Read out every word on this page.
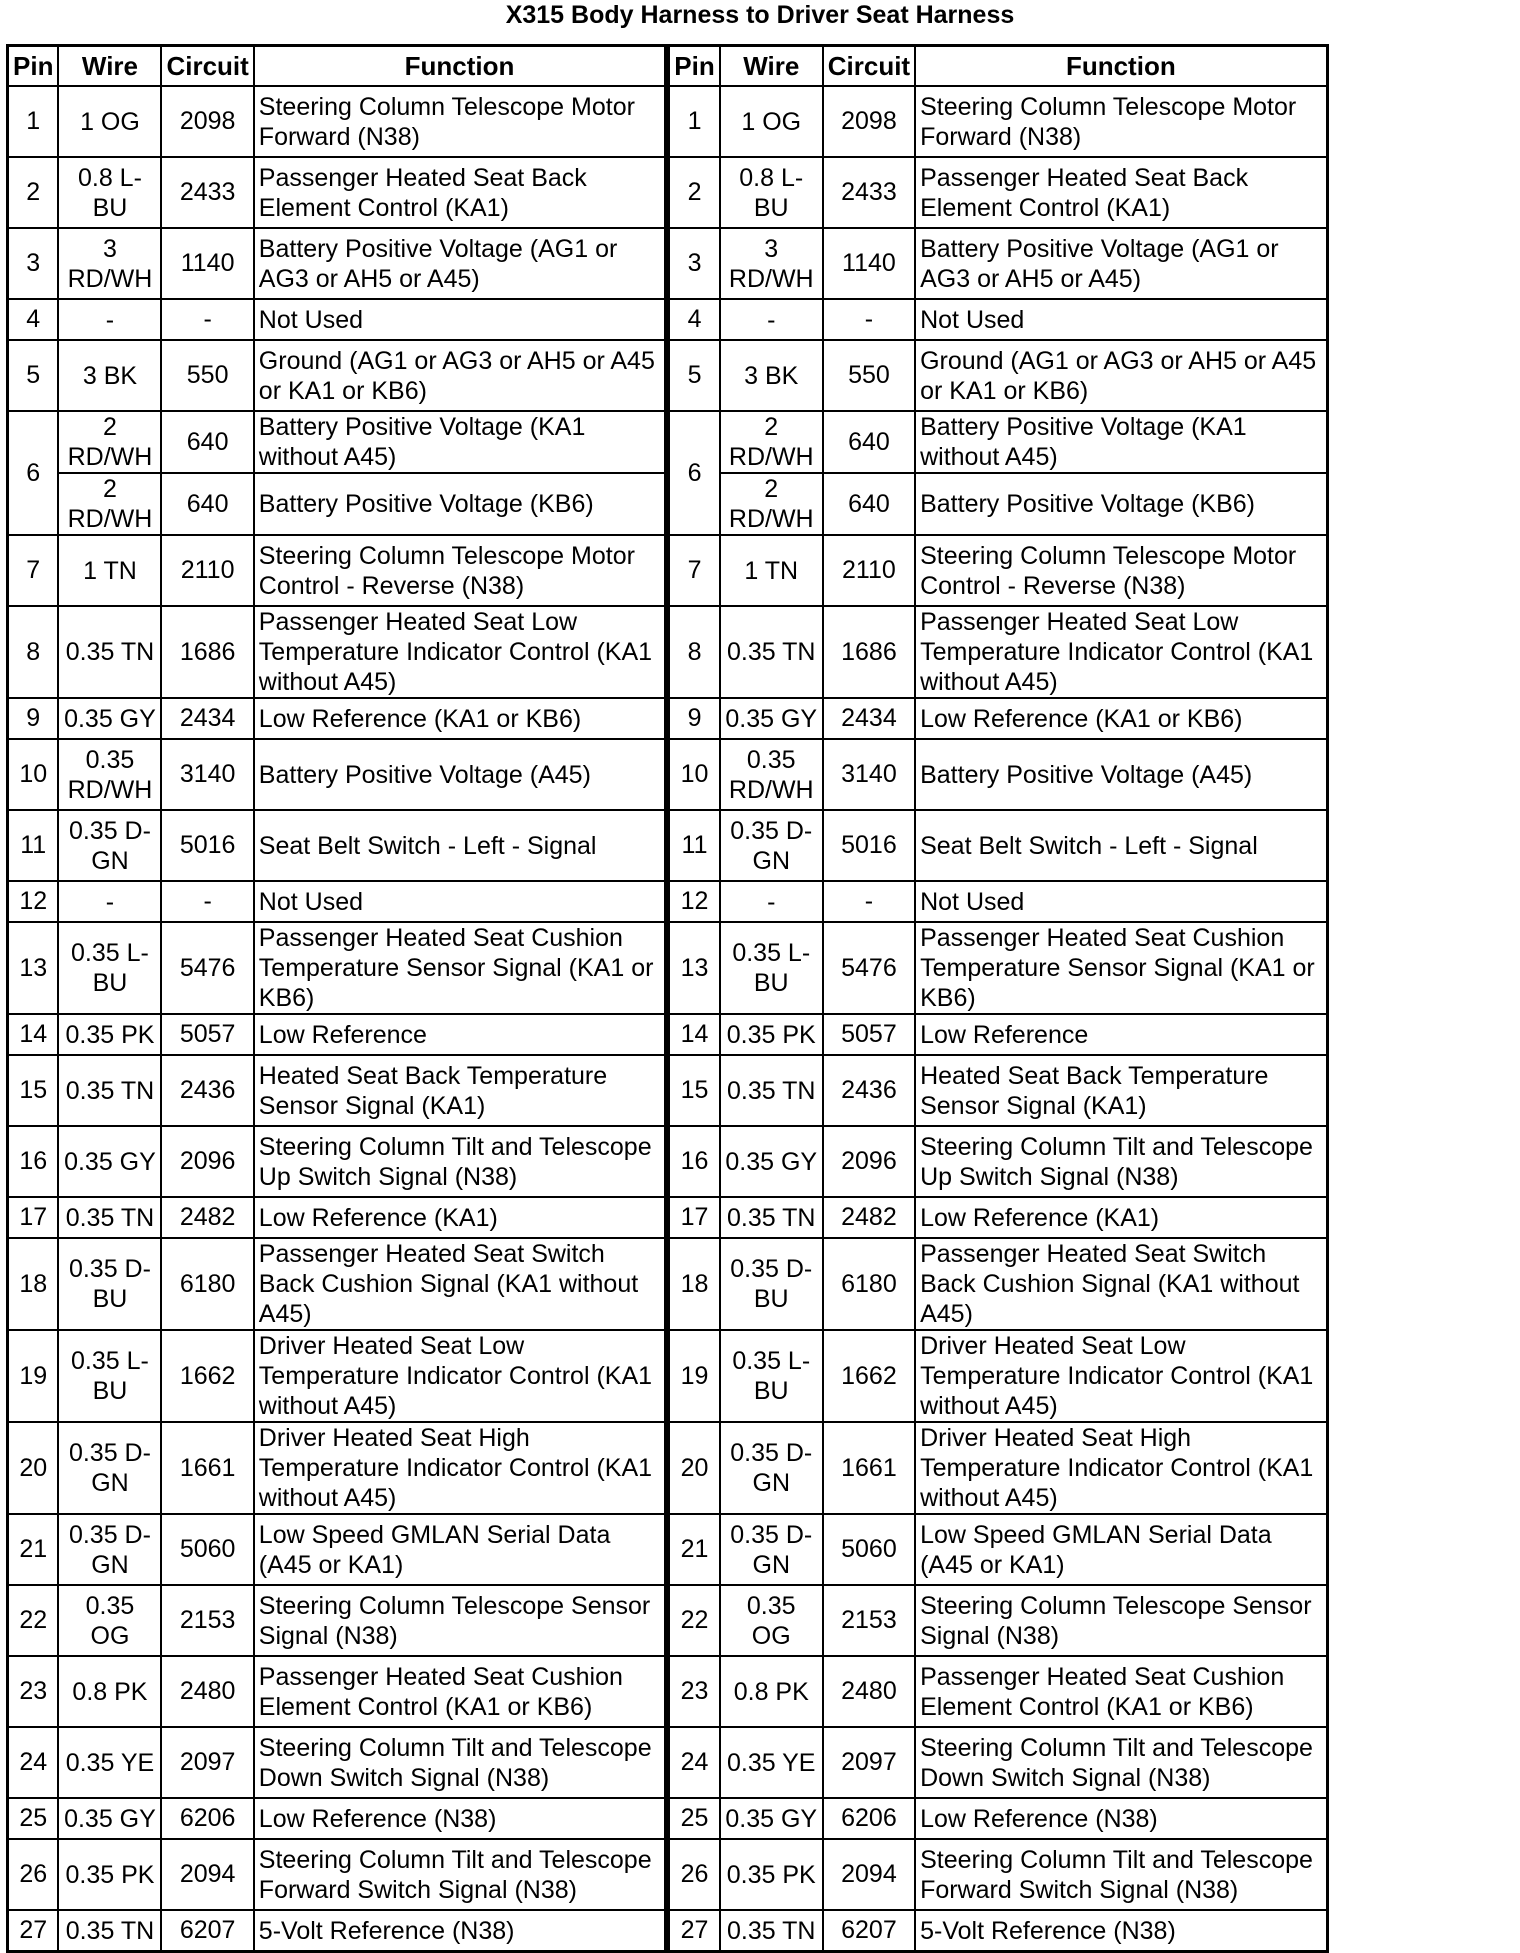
X315 Body Harness to Driver Seat Harness
Pin	Wire	Circuit	Function
1	1 OG	2098	Steering Column Telescope Motor Forward (N38)
2	0.8 L-BU	2433	Passenger Heated Seat Back Element Control (KA1)
3	3 RD/WH	1140	Battery Positive Voltage (AG1 or AG3 or AH5 or A45)
4	-	-	Not Used
5	3 BK	550	Ground (AG1 or AG3 or AH5 or A45 or KA1 or KB6)
6	2 RD/WH	640	Battery Positive Voltage (KA1 without A45)
	2 RD/WH	640	Battery Positive Voltage (KB6)
7	1 TN	2110	Steering Column Telescope Motor Control - Reverse (N38)
8	0.35 TN	1686	Passenger Heated Seat Low Temperature Indicator Control (KA1 without A45)
9	0.35 GY	2434	Low Reference (KA1 or KB6)
10	0.35 RD/WH	3140	Battery Positive Voltage (A45)
11	0.35 D-GN	5016	Seat Belt Switch - Left - Signal
12	-	-	Not Used
13	0.35 L-BU	5476	Passenger Heated Seat Cushion Temperature Sensor Signal (KA1 or KB6)
14	0.35 PK	5057	Low Reference
15	0.35 TN	2436	Heated Seat Back Temperature Sensor Signal (KA1)
16	0.35 GY	2096	Steering Column Tilt and Telescope Up Switch Signal (N38)
17	0.35 TN	2482	Low Reference (KA1)
18	0.35 D-BU	6180	Passenger Heated Seat Switch Back Cushion Signal (KA1 without A45)
19	0.35 L-BU	1662	Driver Heated Seat Low Temperature Indicator Control (KA1 without A45)
20	0.35 D-GN	1661	Driver Heated Seat High Temperature Indicator Control (KA1 without A45)
21	0.35 D-GN	5060	Low Speed GMLAN Serial Data (A45 or KA1)
22	0.35 OG	2153	Steering Column Telescope Sensor Signal (N38)
23	0.8 PK	2480	Passenger Heated Seat Cushion Element Control (KA1 or KB6)
24	0.35 YE	2097	Steering Column Tilt and Telescope Down Switch Signal (N38)
25	0.35 GY	6206	Low Reference (N38)
26	0.35 PK	2094	Steering Column Tilt and Telescope Forward Switch Signal (N38)
27	0.35 TN	6207	5-Volt Reference (N38)
Pin	Wire	Circuit	Function
1	1 OG	2098	Steering Column Telescope Motor Forward (N38)
2	0.8 L-BU	2433	Passenger Heated Seat Back Element Control (KA1)
3	3 RD/WH	1140	Battery Positive Voltage (AG1 or AG3 or AH5 or A45)
4	-	-	Not Used
5	3 BK	550	Ground (AG1 or AG3 or AH5 or A45 or KA1 or KB6)
6	2 RD/WH	640	Battery Positive Voltage (KA1 without A45)
	2 RD/WH	640	Battery Positive Voltage (KB6)
7	1 TN	2110	Steering Column Telescope Motor Control - Reverse (N38)
8	0.35 TN	1686	Passenger Heated Seat Low Temperature Indicator Control (KA1 without A45)
9	0.35 GY	2434	Low Reference (KA1 or KB6)
10	0.35 RD/WH	3140	Battery Positive Voltage (A45)
11	0.35 D-GN	5016	Seat Belt Switch - Left - Signal
12	-	-	Not Used
13	0.35 L-BU	5476	Passenger Heated Seat Cushion Temperature Sensor Signal (KA1 or KB6)
14	0.35 PK	5057	Low Reference
15	0.35 TN	2436	Heated Seat Back Temperature Sensor Signal (KA1)
16	0.35 GY	2096	Steering Column Tilt and Telescope Up Switch Signal (N38)
17	0.35 TN	2482	Low Reference (KA1)
18	0.35 D-BU	6180	Passenger Heated Seat Switch Back Cushion Signal (KA1 without A45)
19	0.35 L-BU	1662	Driver Heated Seat Low Temperature Indicator Control (KA1 without A45)
20	0.35 D-GN	1661	Driver Heated Seat High Temperature Indicator Control (KA1 without A45)
21	0.35 D-GN	5060	Low Speed GMLAN Serial Data (A45 or KA1)
22	0.35 OG	2153	Steering Column Telescope Sensor Signal (N38)
23	0.8 PK	2480	Passenger Heated Seat Cushion Element Control (KA1 or KB6)
24	0.35 YE	2097	Steering Column Tilt and Telescope Down Switch Signal (N38)
25	0.35 GY	6206	Low Reference (N38)
26	0.35 PK	2094	Steering Column Tilt and Telescope Forward Switch Signal (N38)
27	0.35 TN	6207	5-Volt Reference (N38)
